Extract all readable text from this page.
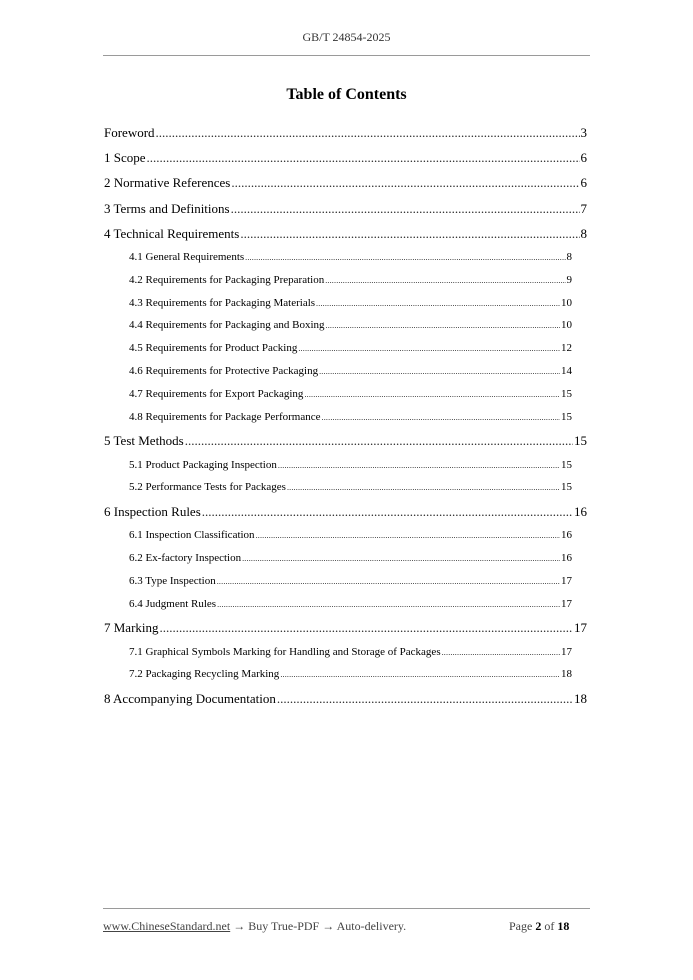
GB/T 24854-2025
Table of Contents
Foreword .....	3
1 Scope .....	6
2 Normative References .....	6
3 Terms and Definitions .....	7
4 Technical Requirements .....	8
4.1 General Requirements .....	8
4.2 Requirements for Packaging Preparation .....	9
4.3 Requirements for Packaging Materials .....	10
4.4 Requirements for Packaging and Boxing .....	10
4.5 Requirements for Product Packing .....	12
4.6 Requirements for Protective Packaging .....	14
4.7 Requirements for Export Packaging .....	15
4.8 Requirements for Package Performance .....	15
5 Test Methods .....	15
5.1 Product Packaging Inspection .....	15
5.2 Performance Tests for Packages .....	15
6 Inspection Rules .....	16
6.1 Inspection Classification .....	16
6.2 Ex-factory Inspection .....	16
6.3 Type Inspection .....	17
6.4 Judgment Rules .....	17
7 Marking .....	17
7.1 Graphical Symbols Marking for Handling and Storage of Packages .....	17
7.2 Packaging Recycling Marking .....	18
8 Accompanying Documentation .....	18
www.ChineseStandard.net → Buy True-PDF → Auto-delivery.	Page 2 of 18
